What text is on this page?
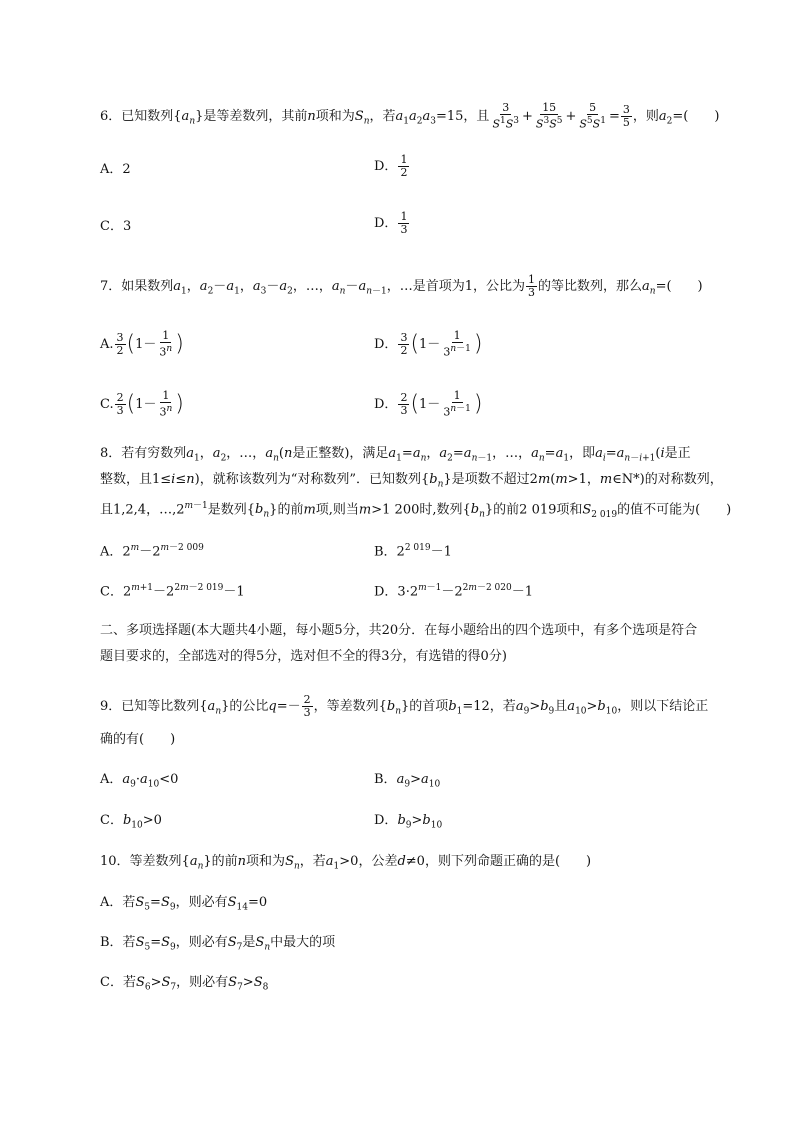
6．已知数列$\{a_n\}$是等差数列，其前n项和为$S_n$，若$a_1a_2a_3=15$，且 $\frac{3}{S^1S^3} + \frac{15}{S^3S^5} + \frac{5}{S^5S^1} = \frac{3}{5}$ ，则$a_2=$(　　)
A．2	D． $\frac{1}{2}$
C．3	D． $\frac{1}{3}$
7．如果数列$a_1$，$a_2-a_1$，$a_3-a_2$，…，$a_n-a_{n-1}$，…是首项为1，公比为 $\frac{1}{3}$ 的等比数列，那么$a_n=$(　　)
A. $\frac{3}{2} (1- \frac{1}{3^n}$ )	D． $\frac{3}{2} (1- \frac{1}{3^{n-1}}$ )
C. $\frac{2}{3} (1- \frac{1}{3^n}$ )	D． $\frac{2}{3} (1- \frac{1}{3^{n-1}}$ )
8．若有穷数列$a_1$，$a_2$，…，$a_n(n$是正整数)，满足$a_1=a_n$，$a_2=a_{n-1}$，…，$a_n=a_1$，即$a_i=a_{n-i+1}(i$是正
整数，且1≤i≤n)，就称该数列为“对称数列”．已知数列$\{b_n\}$是项数不超过2m(m>1，m∈N*)的对称数列，
且1,2,4，$\dots,2^{m-1}$是数列$\{b_n\}$的前m项,则当m>1 200时,数列$\{b_n\}$的前2 019项和$S_{2 019}$的值不可能为(　　)
A．$2^m-2^{m-2 009}$	B．$2^{2 019}-1$
C．$2^{m+1}-2^{2m-2 019}-1$	D．$3\cdot 2^{m-1}-2^{2m-2 020}-1$
二、多项选择题(本大题共4小题，每小题5分，共20分．在每小题给出的四个选项中，有多个选项是符合题目要求的，全部选对的得5分，选对但不全的得3分，有选错的得0分)
9．已知等比数列$\{a_n\}$的公比$q=- \frac{2}{3}$ ，等差数列$\{b_n\}$的首项$b_1=12$，若$a_9>b_9$且$a_{10}>b_{10}$，则以下结论正
确的有(　　)
A．$a_9\cdot a_{10}<0$	B．$a_9>a_{10}$
C．$b_{10}>0$	D．$b_9>b_{10}$
10．等差数列$\{a_n\}$的前n项和为$S_n$，若$a_1>0$，公差d≠0，则下列命题正确的是(　　)
A．若$S_5=S_9$，则必有$S_{14}=0$
B．若$S_5=S_9$，则必有$S_7$是$S_n$中最大的项
C．若$S_6>S_7$，则必有$S_7>S_8$
